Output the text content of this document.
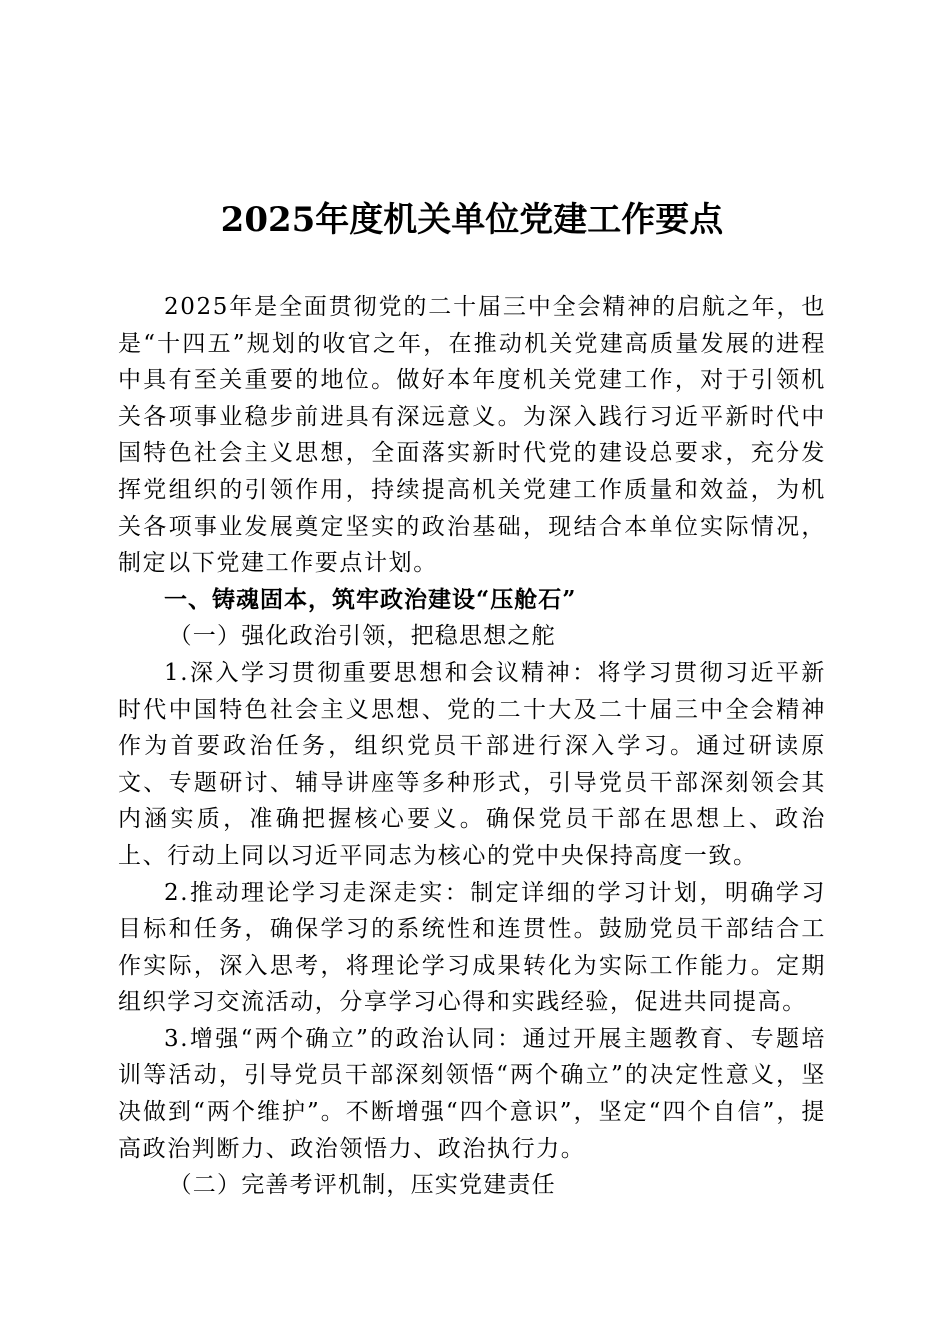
2025年度机关单位党建工作要点

2025年是全面贯彻党的二十届三中全会精神的启航之年，也是“十四五”规划的收官之年，在推动机关党建高质量发展的进程中具有至关重要的地位。做好本年度机关党建工作，对于引领机关各项事业稳步前进具有深远意义。为深入践行习近平新时代中国特色社会主义思想，全面落实新时代党的建设总要求，充分发挥党组织的引领作用，持续提高机关党建工作质量和效益，为机关各项事业发展奠定坚实的政治基础，现结合本单位实际情况，制定以下党建工作要点计划。

一、铸魂固本，筑牢政治建设“压舱石”

（一）强化政治引领，把稳思想之舵

1.深入学习贯彻重要思想和会议精神：将学习贯彻习近平新时代中国特色社会主义思想、党的二十大及二十届三中全会精神作为首要政治任务，组织党员干部进行深入学习。通过研读原文、专题研讨、辅导讲座等多种形式，引导党员干部深刻领会其内涵实质，准确把握核心要义。确保党员干部在思想上、政治上、行动上同以习近平同志为核心的党中央保持高度一致。

2.推动理论学习走深走实：制定详细的学习计划，明确学习目标和任务，确保学习的系统性和连贯性。鼓励党员干部结合工作实际，深入思考，将理论学习成果转化为实际工作能力。定期组织学习交流活动，分享学习心得和实践经验，促进共同提高。

3.增强“两个确立”的政治认同：通过开展主题教育、专题培训等活动，引导党员干部深刻领悟“两个确立”的决定性意义，坚决做到“两个维护”。不断增强“四个意识”，坚定“四个自信”，提高政治判断力、政治领悟力、政治执行力。

（二）完善考评机制，压实党建责任
